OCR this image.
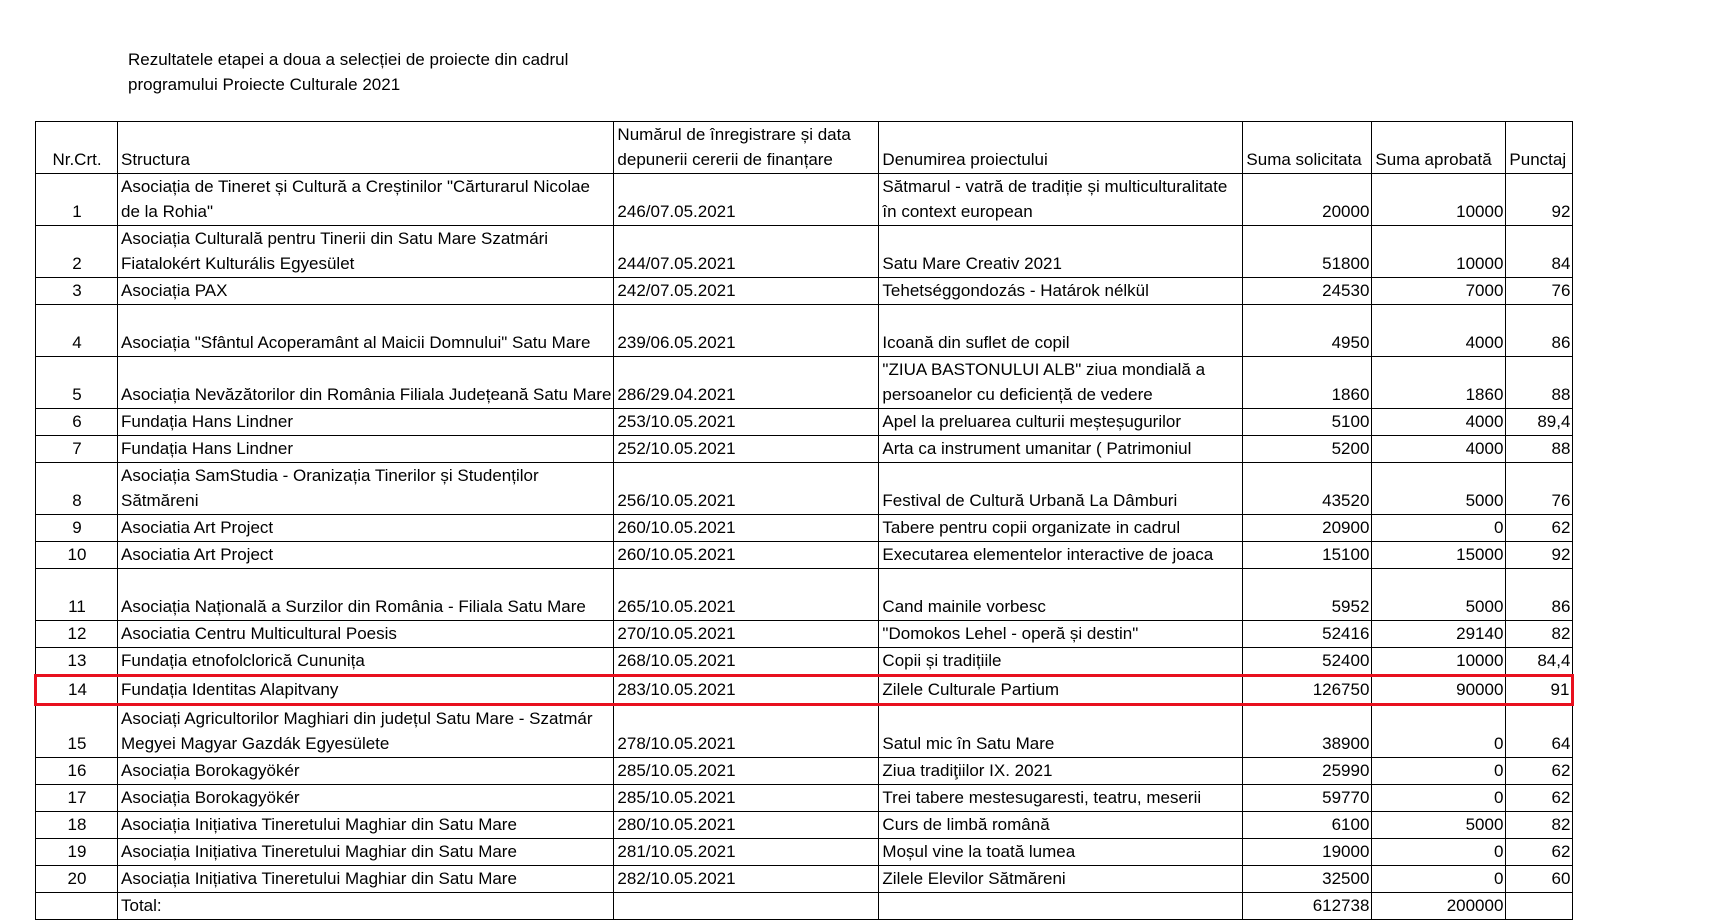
Rezultatele etapei a doua a selecției de proiecte din cadrul
programului Proiecte Culturale 2021
Nr.Crt.	Structura	Numărul de înregistrare și data depunerii cererii de finanțare	Denumirea proiectului	Suma solicitata	Suma aprobată	Punctaj
1	Asociația de Tineret și Cultură a Creștinilor "Cărturarul Nicolae de la Rohia"	246/07.05.2021	Sătmarul - vatră de tradiție și multiculturalitate în context european	20000	10000	92
2	Asociația Culturală pentru Tinerii din Satu Mare Szatmári Fiatalokért Kulturális Egyesület	244/07.05.2021	Satu Mare Creativ 2021	51800	10000	84
3	Asociația PAX	242/07.05.2021	Tehetséggondozás - Határok nélkül	24530	7000	76
4	Asociația "Sfântul Acoperamânt al Maicii Domnului" Satu Mare	239/06.05.2021	Icoană din suflet de copil	4950	4000	86
5	Asociația Nevăzătorilor din România Filiala Județeană Satu Mare	286/29.04.2021	"ZIUA BASTONULUI ALB" ziua mondială a persoanelor cu deficiență de vedere	1860	1860	88
6	Fundația Hans Lindner	253/10.05.2021	Apel la preluarea culturii meșteșugurilor	5100	4000	89,4
7	Fundația Hans Lindner	252/10.05.2021	Arta ca instrument umanitar ( Patrimoniul	5200	4000	88
8	Asociația SamStudia - Oranizația Tinerilor și Studenților Sătmăreni	256/10.05.2021	Festival de Cultură Urbană La Dâmburi	43520	5000	76
9	Asociatia Art Project	260/10.05.2021	Tabere pentru copii organizate in cadrul	20900	0	62
10	Asociatia Art Project	260/10.05.2021	Executarea elementelor interactive de joaca	15100	15000	92
11	Asociația Națională a Surzilor din România - Filiala Satu Mare	265/10.05.2021	Cand mainile vorbesc	5952	5000	86
12	Asociatia Centru Multicultural Poesis	270/10.05.2021	"Domokos Lehel - operă și destin"	52416	29140	82
13	Fundația etnofolclorică Cununița	268/10.05.2021	Copii și tradițiile	52400	10000	84,4
14	Fundația Identitas Alapitvany	283/10.05.2021	Zilele Culturale Partium	126750	90000	91
15	Asociați Agricultorilor Maghiari din județul Satu Mare - Szatmár Megyei Magyar Gazdák Egyesülete	278/10.05.2021	Satul mic în Satu Mare	38900	0	64
16	Asociația Borokagyökér	285/10.05.2021	Ziua tradiţiilor IX. 2021	25990	0	62
17	Asociația Borokagyökér	285/10.05.2021	Trei tabere mestesugaresti, teatru, meserii	59770	0	62
18	Asociația Inițiativa Tineretului Maghiar din Satu Mare	280/10.05.2021	Curs de limbă română	6100	5000	82
19	Asociația Inițiativa Tineretului Maghiar din Satu Mare	281/10.05.2021	Moșul vine la toată lumea	19000	0	62
20	Asociația Inițiativa Tineretului Maghiar din Satu Mare	282/10.05.2021	Zilele Elevilor Sătmăreni	32500	0	60
	Total:			612738	200000	
